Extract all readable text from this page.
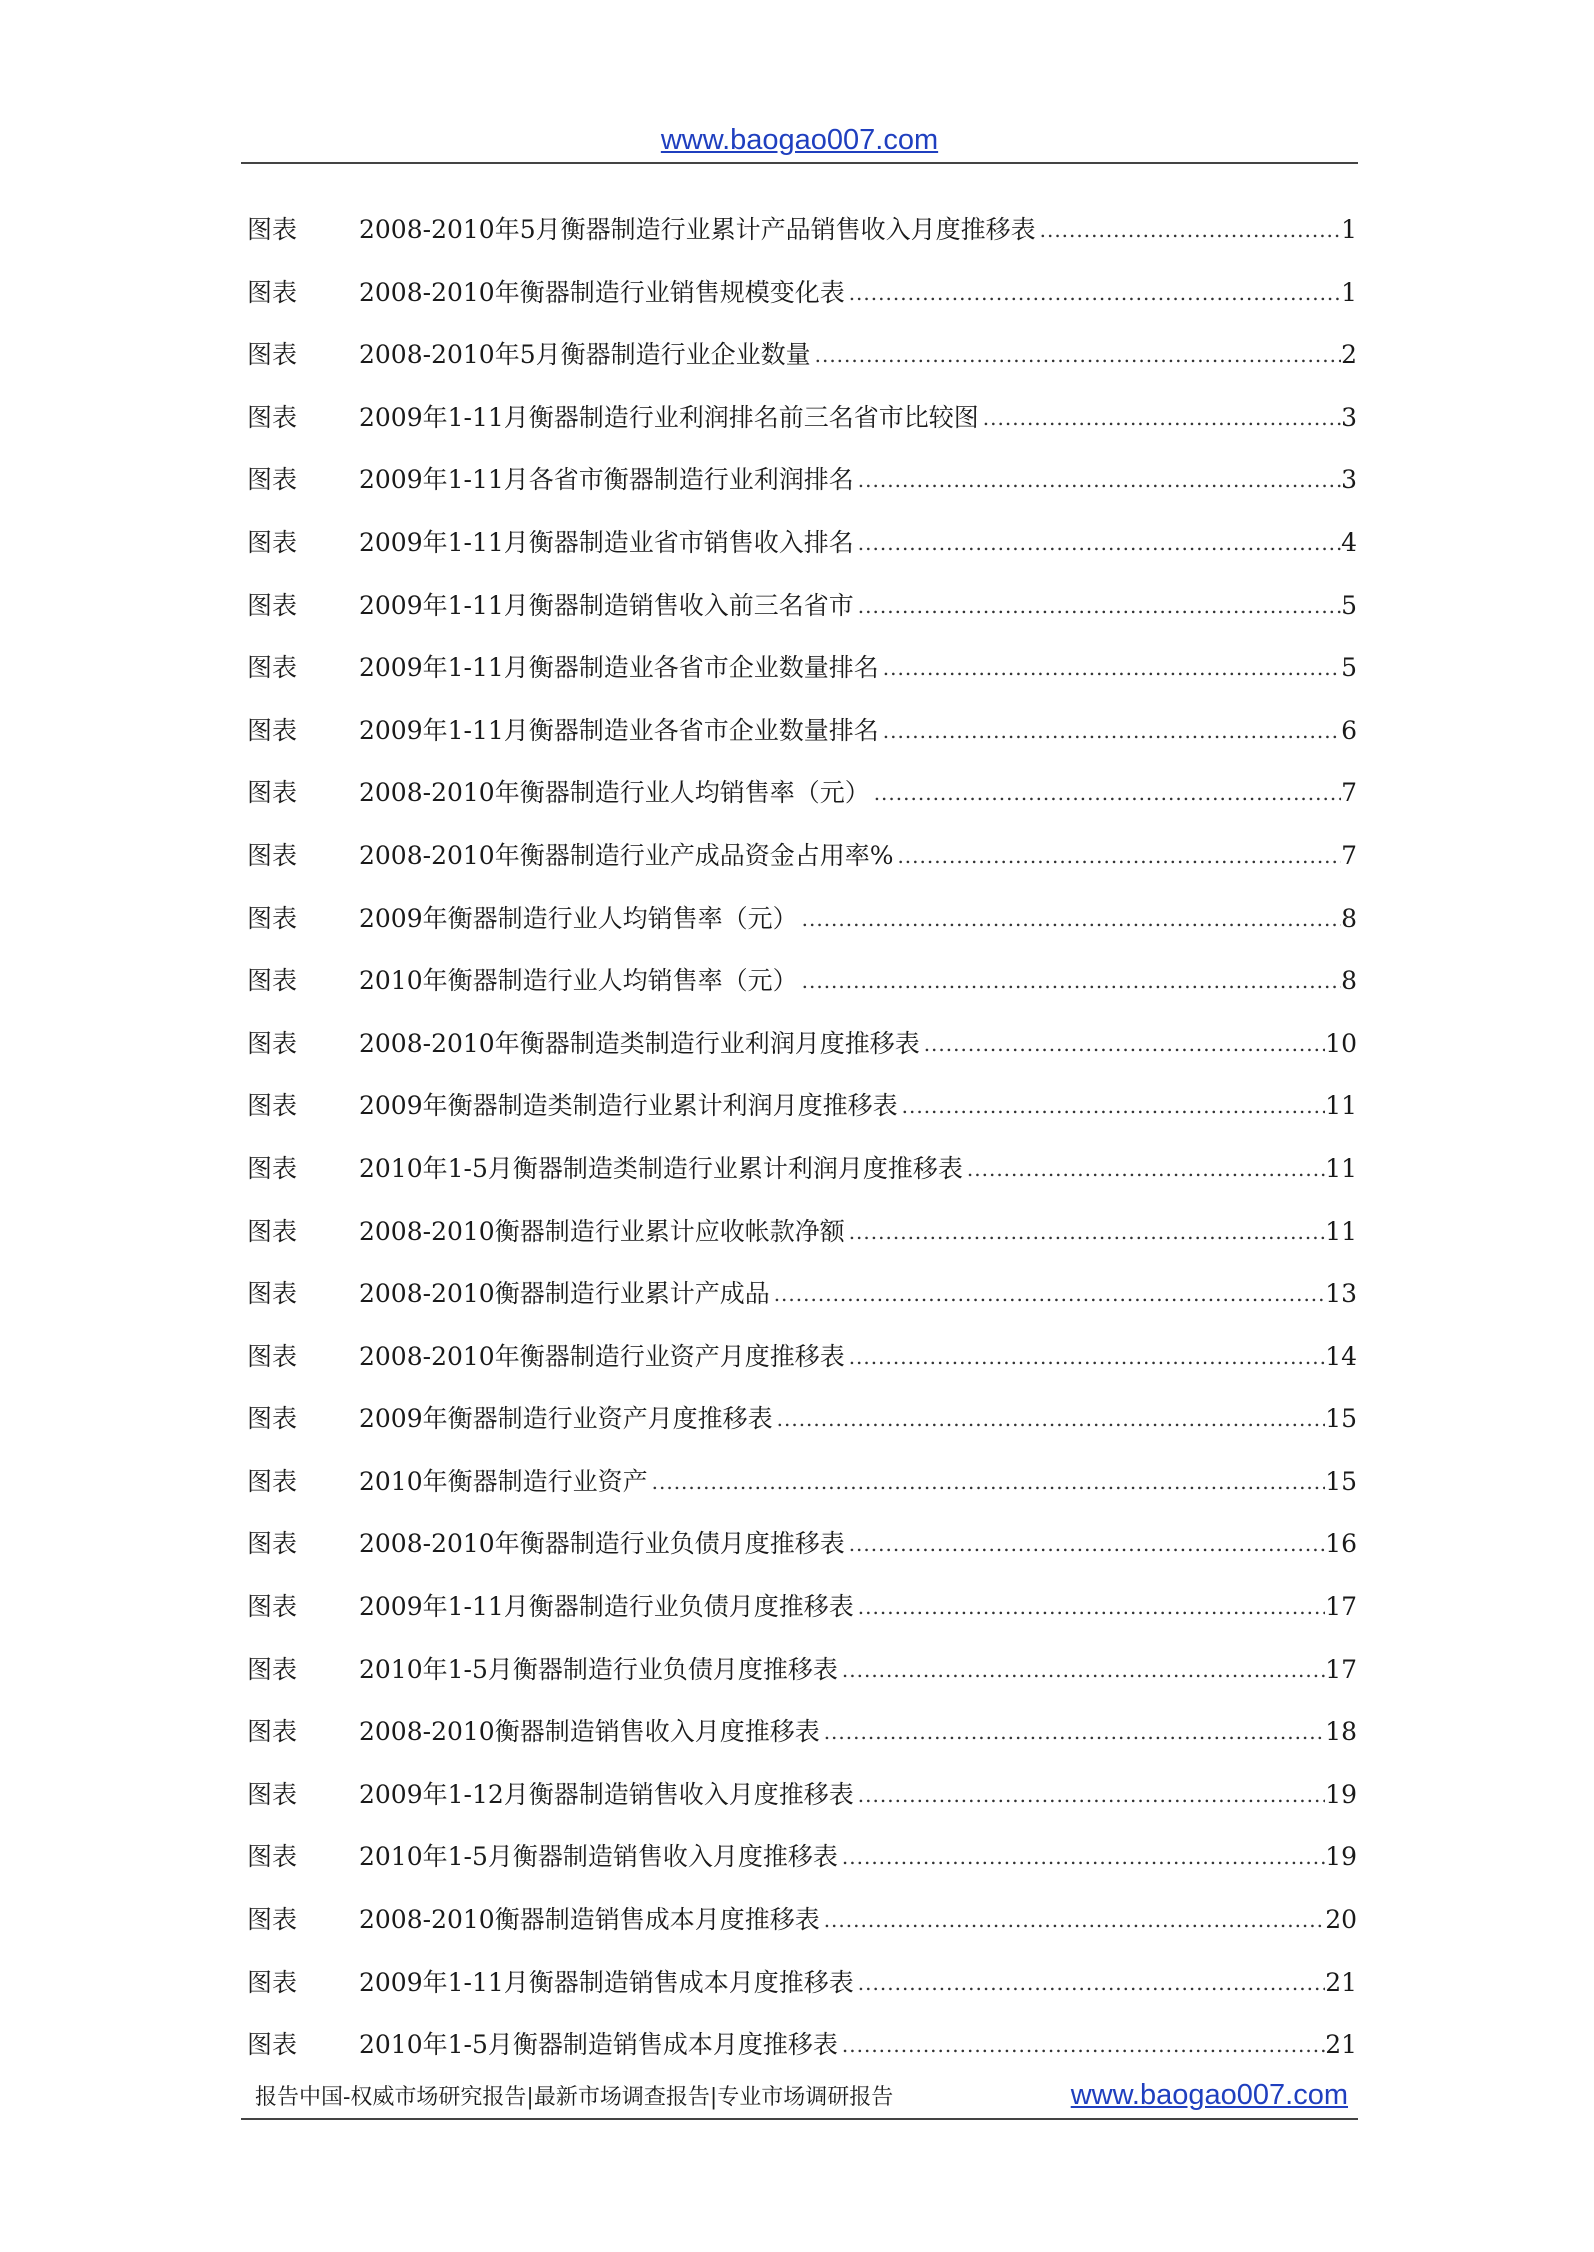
www.baogao007.com
图表	2008-2010年5月衡器制造行业累计产品销售收入月度推移表 .....	1
图表	2008-2010年衡器制造行业销售规模变化表 .....	1
图表	2008-2010年5月衡器制造行业企业数量 .....	2
图表	2009年1-11月衡器制造行业利润排名前三名省市比较图 .....	3
图表	2009年1-11月各省市衡器制造行业利润排名 .....	3
图表	2009年1-11月衡器制造业省市销售收入排名 .....	4
图表	2009年1-11月衡器制造销售收入前三名省市 .....	5
图表	2009年1-11月衡器制造业各省市企业数量排名 .....	5
图表	2009年1-11月衡器制造业各省市企业数量排名 .....	6
图表	2008-2010年衡器制造行业人均销售率（元） .....	7
图表	2008-2010年衡器制造行业产成品资金占用率% .....	7
图表	2009年衡器制造行业人均销售率（元） .....	8
图表	2010年衡器制造行业人均销售率（元） .....	8
图表	2008-2010年衡器制造类制造行业利润月度推移表 .....	10
图表	2009年衡器制造类制造行业累计利润月度推移表 .....	11
图表	2010年1-5月衡器制造类制造行业累计利润月度推移表 .....	11
图表	2008-2010衡器制造行业累计应收帐款净额 .....	11
图表	2008-2010衡器制造行业累计产成品 .....	13
图表	2008-2010年衡器制造行业资产月度推移表 .....	14
图表	2009年衡器制造行业资产月度推移表 .....	15
图表	2010年衡器制造行业资产 .....	15
图表	2008-2010年衡器制造行业负债月度推移表 .....	16
图表	2009年1-11月衡器制造行业负债月度推移表 .....	17
图表	2010年1-5月衡器制造行业负债月度推移表 .....	17
图表	2008-2010衡器制造销售收入月度推移表 .....	18
图表	2009年1-12月衡器制造销售收入月度推移表 .....	19
图表	2010年1-5月衡器制造销售收入月度推移表 .....	19
图表	2008-2010衡器制造销售成本月度推移表 .....	20
图表	2009年1-11月衡器制造销售成本月度推移表 .....	21
图表	2010年1-5月衡器制造销售成本月度推移表 .....	21
报告中国-权威市场研究报告|最新市场调查报告|专业市场调研报告	www.baogao007.com
